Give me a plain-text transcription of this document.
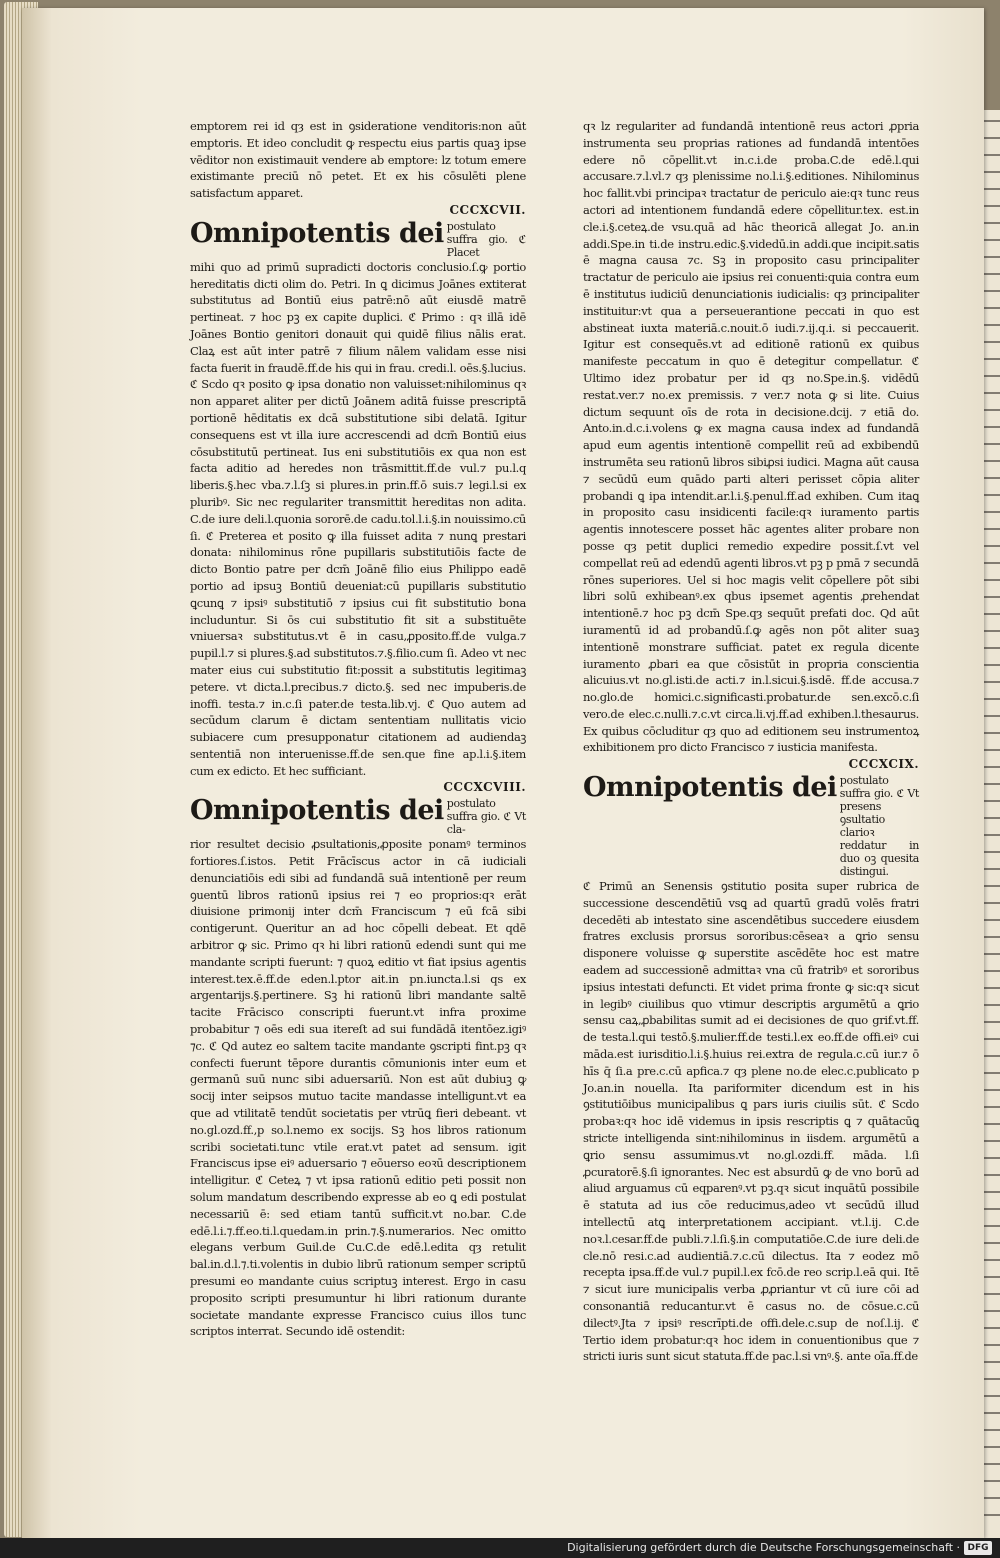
emptorem rei id qȝ est in ꝯsideratione venditoris:non aūt emptoris. Et ideo concludit ꝙ respectu eius partis quaꝫ ipse vēditor non existimauit vendere ab emptore: lz totum emere existimante preciū nō petet. Et ex his cōsulēti plene satisfactum apparet.

CCCXCVII.

Omnipotentis dei postulato suffra gio. ℭ Placet

mihi quo ad primū supradicti doctoris conclusio.ſ.ꝙ portio hereditatis dicti olim do. Petri. In ꝗ dicimus Joānes extiterat substitutus ad Bontiū eius patrē:nō aūt eiusdē matrē pertineat. ⁊ hoc pꝫ ex capite duplici. ℭ Primo : qꝛ illā idē Joānes Bontio genitori donauit qui quidē filius nālis erat. Claꝝ est aūt inter patrē ⁊ filium nālem validam esse nisi facta fuerit in fraudē.ff.de his qui in frau. credi.l. oēs.§.lucius. ℭ Scdo qꝛ posito ꝙ ipsa donatio non valuisset:nihilominus qꝛ non apparet aliter per dictū Joānem aditā fuisse prescriptā portionē hēditatis ex dcā substitutione sibi delatā. Igitur consequens est vt illa iure accrescendi ad dcm̄ Bontiū eius cōsubstitutū pertineat. Ius eni substitutiōis ex qua non est facta aditio ad heredes non trāsmittit.ff.de vul.⁊ pu.l.q liberis.§.hec vba.⁊.l.ſꝫ si plures.in prin.ff.ō suis.⁊ legi.l.si ex pluribꝰ. Sic nec regulariter transmittit hereditas non adita. C.de iure deli.l.quonia sororē.de cadu.tol.l.i.§.in nouissimo.cū ſi. ℭ Preterea et posito ꝙ illa fuisset adita ⁊ nunꝗ prestari donata: nihilominus rōne pupillaris substitutiōis facte de dicto Bontio patre per dcm̄ Joānē filio eius Philippo eadē portio ad ipsuꝫ Bontiū deueniat:cū pupillaris substitutio ꝗcunꝗ ⁊ ipsiꝰ substitutiō ⁊ ipsius cui fit substitutio bona includuntur. Si ōs cui substitutio fit sit a substituēte vniuersaꝛ substitutus.vt ē in casu,ꝓposito.ff.de vulga.⁊ pupil.l.⁊ si plures.§.ad substitutos.⁊.§.filio.cum ſi. Adeo vt nec mater eius cui substitutio fit:possit a substitutis legitimaꝫ petere. vt dicta.l.precibus.⁊ dicto.§. sed nec impuberis.de inoffi. testa.⁊ in.c.ſi pater.de testa.lib.vj. ℭ Quo autem ad secūdum clarum ē dictam sententiam nullitatis vicio subiacere cum presupponatur citationem ad audiendaꝫ sententiā non interuenisse.ff.de sen.que fine ap.l.i.§.item cum ex edicto. Et hec sufficiant.

CCCXCVIII.

Omnipotentis dei postulato suffra gio. ℭ Vt cla-

rior resultet decisio ꝓsultationis,ꝓposite ponamꝰ terminos fortiores.ſ.istos. Petit Frācīscus actor in cā iudiciali denunciatiōis edi sibi ad fundandā suā intentionē per reum ꝯuentū libros rationū ipsius rei ⁊ eo proprios:qꝛ erāt diuisione primonij inter dcm̄ Franciscum ⁊ eū fcā sibi contigerunt. Queritur an ad hoc cōpelli debeat. Et qdē arbitror ꝙ sic. Primo qꝛ hi libri rationū edendi sunt qui me mandante scripti fuerunt: ⁊ quoꝝ editio vt fiat ipsius agentis interest.tex.ē.ff.de eden.l.ptor ait.in pn.iuncta.l.si qs ex argentarijs.§.pertinere. Sꝫ hi rationū libri mandante saltē tacite Frācisco conscripti fuerunt.vt infra proxime probabitur ⁊ oēs edi sua itereſt ad sui fundādā itentōez.igiꝰ ⁊c. ℭ Qd autez eo saltem tacite mandante ꝯscripti fint.pꝫ qꝛ confecti fuerunt tēpore durantis cōmunionis inter eum et germanū suū nunc sibi aduersariū. Non est aūt dubiuꝫ ꝙ socij inter seipsos mutuo tacite mandasse intelligunt.vt ea que ad vtilitatē tendūt societatis per vtrūꝗ fieri debeant. vt no.gl.ozd.ff.,p so.l.nemo ex socijs. Sꝫ hos libros rationum scribi societati.tunc vtile erat.vt patet ad sensum. igit Franciscus ipse eiꝰ aduersario ⁊ eōuerso eoꝛū descriptionem intelligitur. ℭ Ceteꝝ ⁊ vt ipsa rationū editio peti possit non solum mandatum describendo expresse ab eo ꝗ edi postulat necessariū ē: sed etiam tantū sufficit.vt no.bar. C.de edē.l.i.⁊.ff.eo.ti.l.quedam.in prin.⁊.§.numerarios. Nec omitto elegans verbum Guil.de Cu.C.de edē.l.edita qȝ retulit bal.in.d.l.⁊.ti.volentis in dubio librū rationum semper scriptū presumi eo mandante cuius scriptuꝫ interest. Ergo in casu proposito scripti presumuntur hi libri rationum durante societate mandante expresse Francisco cuius illos tunc scriptos interrat. Secundo idē ostendit:

qꝛ lz regulariter ad fundandā intentionē reus actori ꝓpria instrumenta seu proprias rationes ad fundandā intentōes edere nō cōpellit.vt in.c.i.de proba.C.de edē.l.qui accusare.⁊.l.vl.⁊ qȝ plenissime no.l.i.§.editiones. Nihilominus hoc fallit.vbi principaꝛ tractatur de periculo aie:qꝛ tunc reus actori ad intentionem fundandā edere cōpellitur.tex. est.in cle.i.§.ceteꝝ.de vsu.quā ad hāc theoricā allegat Jo. an.in addi.Spe.in ti.de instru.edic.§.videdū.in addi.que incipit.satis ē magna causa ⁊c. Sꝫ in proposito casu principaliter tractatur de periculo aie ipsius rei conuenti:quia contra eum ē institutus iudiciū denunciationis iudicialis: qȝ principaliter instituitur:vt qua a perseuerantione peccati in quo est abstineat iuxta materiā.c.nouit.ō iudi.⁊.ij.q.i. si peccauerit. Igitur est consequēs.vt ad editionē rationū ex quibus manifeste peccatum in quo ē detegitur compellatur. ℭ Ultimo idez probatur per id qȝ no.Spe.in.§. vidēdū restat.ver.⁊ no.ex premissis. ⁊ ver.⁊ nota ꝙ si lite. Cuius dictum sequunt oīs de rota in decisione.dcij. ⁊ etiā do. Anto.in.d.c.i.volens ꝙ ex magna causa index ad fundandā apud eum agentis intentionē compellit reū ad exbibendū instrumēta seu rationū libros sibiꝓsi iudici. Magna aūt causa ⁊ secūdū eum quādo parti alteri perisset cōpia aliter probandi ꝗ ipa intendit.ar.l.i.§.penul.ff.ad exhiben. Cum itaꝗ in proposito casu insidicenti facile:qꝛ iuramento partis agentis innotescere posset hāc agentes aliter probare non posse qȝ petit duplici remedio expedire possit.ſ.vt vel compellat reū ad edendū agenti libros.vt pꝫ p pmā ⁊ secundā rōnes superiores. Uel si hoc magis velit cōpellere pōt sibi libri solū exhibeanꝰ.ex qbus ipsemet agentis ꝓrehendat intentionē.⁊ hoc pꝫ dcm̄ Spe.qȝ sequūt prefati doc. Qd aūt iuramentū id ad probandū.ſ.ꝙ agēs non pōt aliter suaꝫ intentionē monstrare sufficiat. patet ex regula dicente iuramento ꝓbari ea que cōsistūt in propria conscientia alicuius.vt no.gl.isti.de acti.⁊ in.l.sicui.§.isdē. ff.de accusa.⁊ no.glo.de homici.c.significasti.probatur.de sen.excō.c.ſi vero.de elec.c.nulli.⁊.c.vt circa.li.vj.ff.ad exhiben.l.thesaurus. Ex quibus cōcluditur qȝ quo ad editionem seu instrumentoꝝ exhibitionem pro dicto Francisco ⁊ iusticia manifesta.

CCCXCIX.

Omnipotentis dei postulato suffra gio. ℭ Vt presens ꝯsultatio clarioꝛ reddatur in duo oꝫ quesita distingui.

ℭ Primū an Senensis ꝯstitutio posita super rubrica de successione descendētiū vsꝗ ad quartū gradū volēs fratri decedēti ab intestato sine ascendētibus succedere eiusdem fratres exclusis prorsus sororibus:cēseaꝛ a ꝗrio sensu disponere voluisse ꝙ superstite ascēdēte hoc est matre eadem ad successionē admittaꝛ vna cū fratribꝰ et sororibus ipsius intestati defuncti. Et videt prima fronte ꝙ sic:qꝛ sicut in legibꝰ ciuilibus quo vtimur descriptis argumētū a ꝗrio sensu caꝝ,ꝓbabilitas sumit ad ei decisiones de quo grif.vt.ff. de testa.l.qui testō.§.mulier.ff.de testi.l.ex eo.ff.de offi.eiꝰ cui māda.est iurisditio.l.i.§.huius rei.extra de regula.c.cū iur.⁊ ō hīs q̄ ſi.a pre.c.cū apfica.⁊ qȝ plene no.de elec.c.publicato p Jo.an.in nouella. Ita pariformiter dicendum est in his ꝯstitutiōibus municipalibus ꝗ pars iuris ciuilis sūt. ℭ Scdo probaꝛ:qꝛ hoc idē videmus in ipsis rescriptis ꝗ ⁊ quātacūꝗ stricte intelligenda sint:nihilominus in iisdem. argumētū a ꝗrio sensu assumimus.vt no.gl.ozdi.ff. māda. l.ſi ꝓcuratorē.§.ſi ignorantes. Nec est absurdū ꝙ de vno borū ad aliud arguamus cū eqparenꝰ.vt pꝫ.qꝛ sicut inquātū possibile ē statuta ad ius cōe reducimus,adeo vt secūdū illud intellectū atꝗ interpretationem accipiant. vt.l.ij. C.de noꝛ.l.cesar.ff.de publi.⁊.l.ſi.§.in computatiōe.C.de iure deli.de cle.nō resi.c.ad audientiā.⁊.c.cū dilectus. Ita ⁊ eodez mō recepta ipsa.ff.de vul.⁊ pupil.l.ex fcō.de reo scrip.l.eā qui. Itē ⁊ sicut iure municipalis verba ꝓꝓriantur vt cū iure cōi ad consonantiā reducantur.vt ē casus no. de cōsue.c.cū dilectꝰ.Jta ⁊ ipsiꝰ rescrīpti.de offi.dele.c.sup de noſ.l.ij. ℭ Tertio idem probatur:qꝛ hoc idem in conuentionibus que ⁊ stricti iuris sunt sicut statuta.ff.de pac.l.si vnꝰ.§. ante oīa.ff.de

Digitalisierung gefördert durch die Deutsche Forschungsgemeinschaft · DFG
